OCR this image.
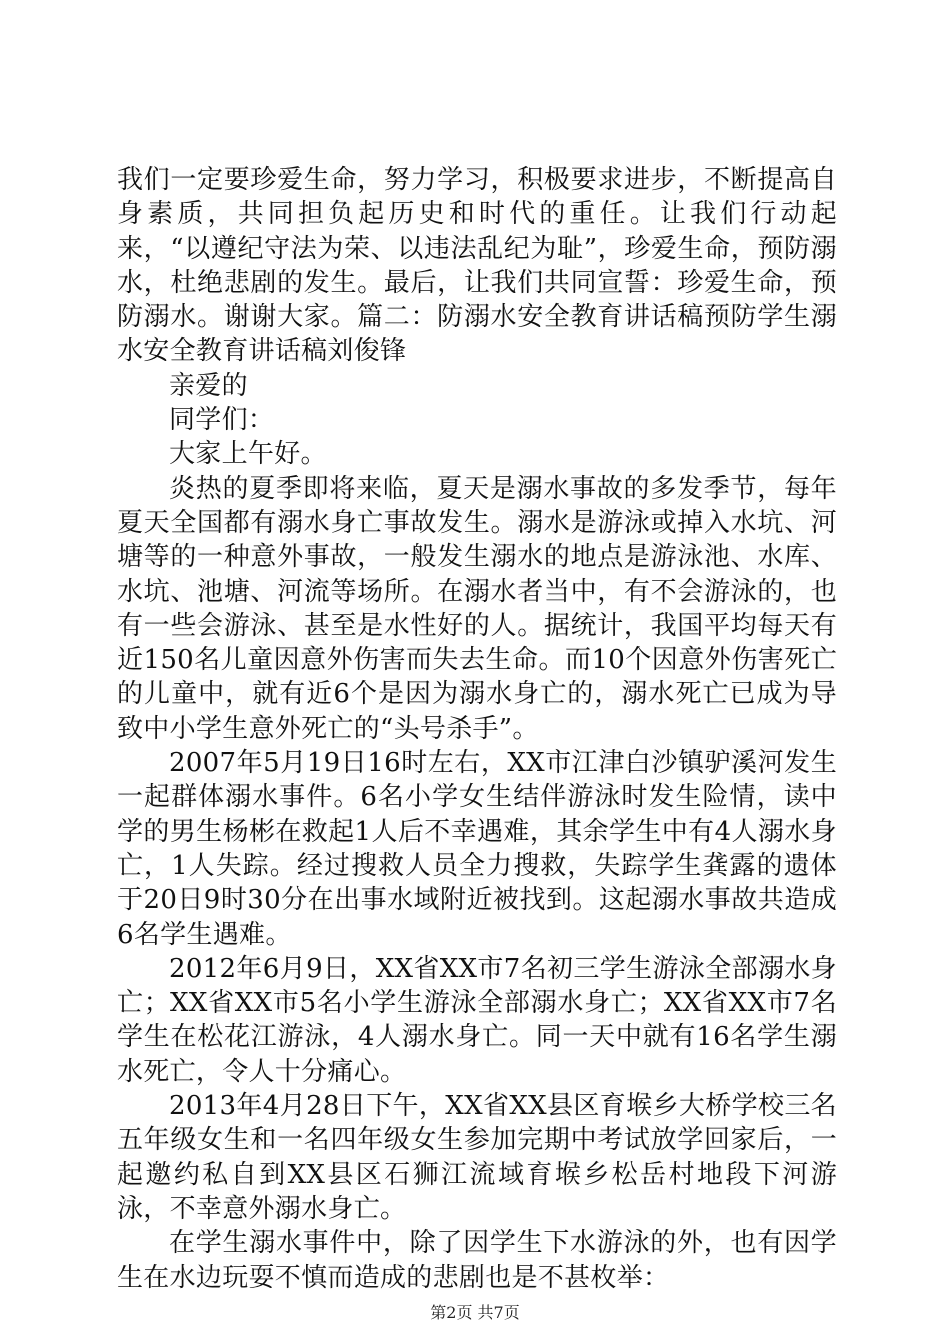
我们一定要珍爱生命，努力学习，积极要求进步，不断提高自身素质，共同担负起历史和时代的重任。让我们行动起来，“以遵纪守法为荣、以违法乱纪为耻”，珍爱生命，预防溺水，杜绝悲剧的发生。最后，让我们共同宣誓：珍爱生命，预防溺水。谢谢大家。篇二：防溺水安全教育讲话稿预防学生溺水安全教育讲话稿刘俊锋

亲爱的

同学们：

大家上午好。

炎热的夏季即将来临，夏天是溺水事故的多发季节，每年夏天全国都有溺水身亡事故发生。溺水是游泳或掉入水坑、河塘等的一种意外事故，一般发生溺水的地点是游泳池、水库、水坑、池塘、河流等场所。在溺水者当中，有不会游泳的，也有一些会游泳、甚至是水性好的人。据统计，我国平均每天有近150名儿童因意外伤害而失去生命。而10个因意外伤害死亡的儿童中，就有近6个是因为溺水身亡的，溺水死亡已成为导致中小学生意外死亡的“头号杀手”。

2007年5月19日16时左右，XX市江津白沙镇驴溪河发生一起群体溺水事件。6名小学女生结伴游泳时发生险情，读中学的男生杨彬在救起1人后不幸遇难，其余学生中有4人溺水身亡，1人失踪。经过搜救人员全力搜救，失踪学生龚露的遗体于20日9时30分在出事水域附近被找到。这起溺水事故共造成6名学生遇难。

2012年6月9日，XX省XX市7名初三学生游泳全部溺水身亡；XX省XX市5名小学生游泳全部溺水身亡；XX省XX市7名学生在松花江游泳，4人溺水身亡。同一天中就有16名学生溺水死亡，令人十分痛心。

2013年4月28日下午，XX省XX县区育堠乡大桥学校三名五年级女生和一名四年级女生参加完期中考试放学回家后，一起邀约私自到XX县区石狮江流域育堠乡松岳村地段下河游泳，不幸意外溺水身亡。

在学生溺水事件中，除了因学生下水游泳的外，也有因学生在水边玩耍不慎而造成的悲剧也是不甚枚举：

第2页 共7页
